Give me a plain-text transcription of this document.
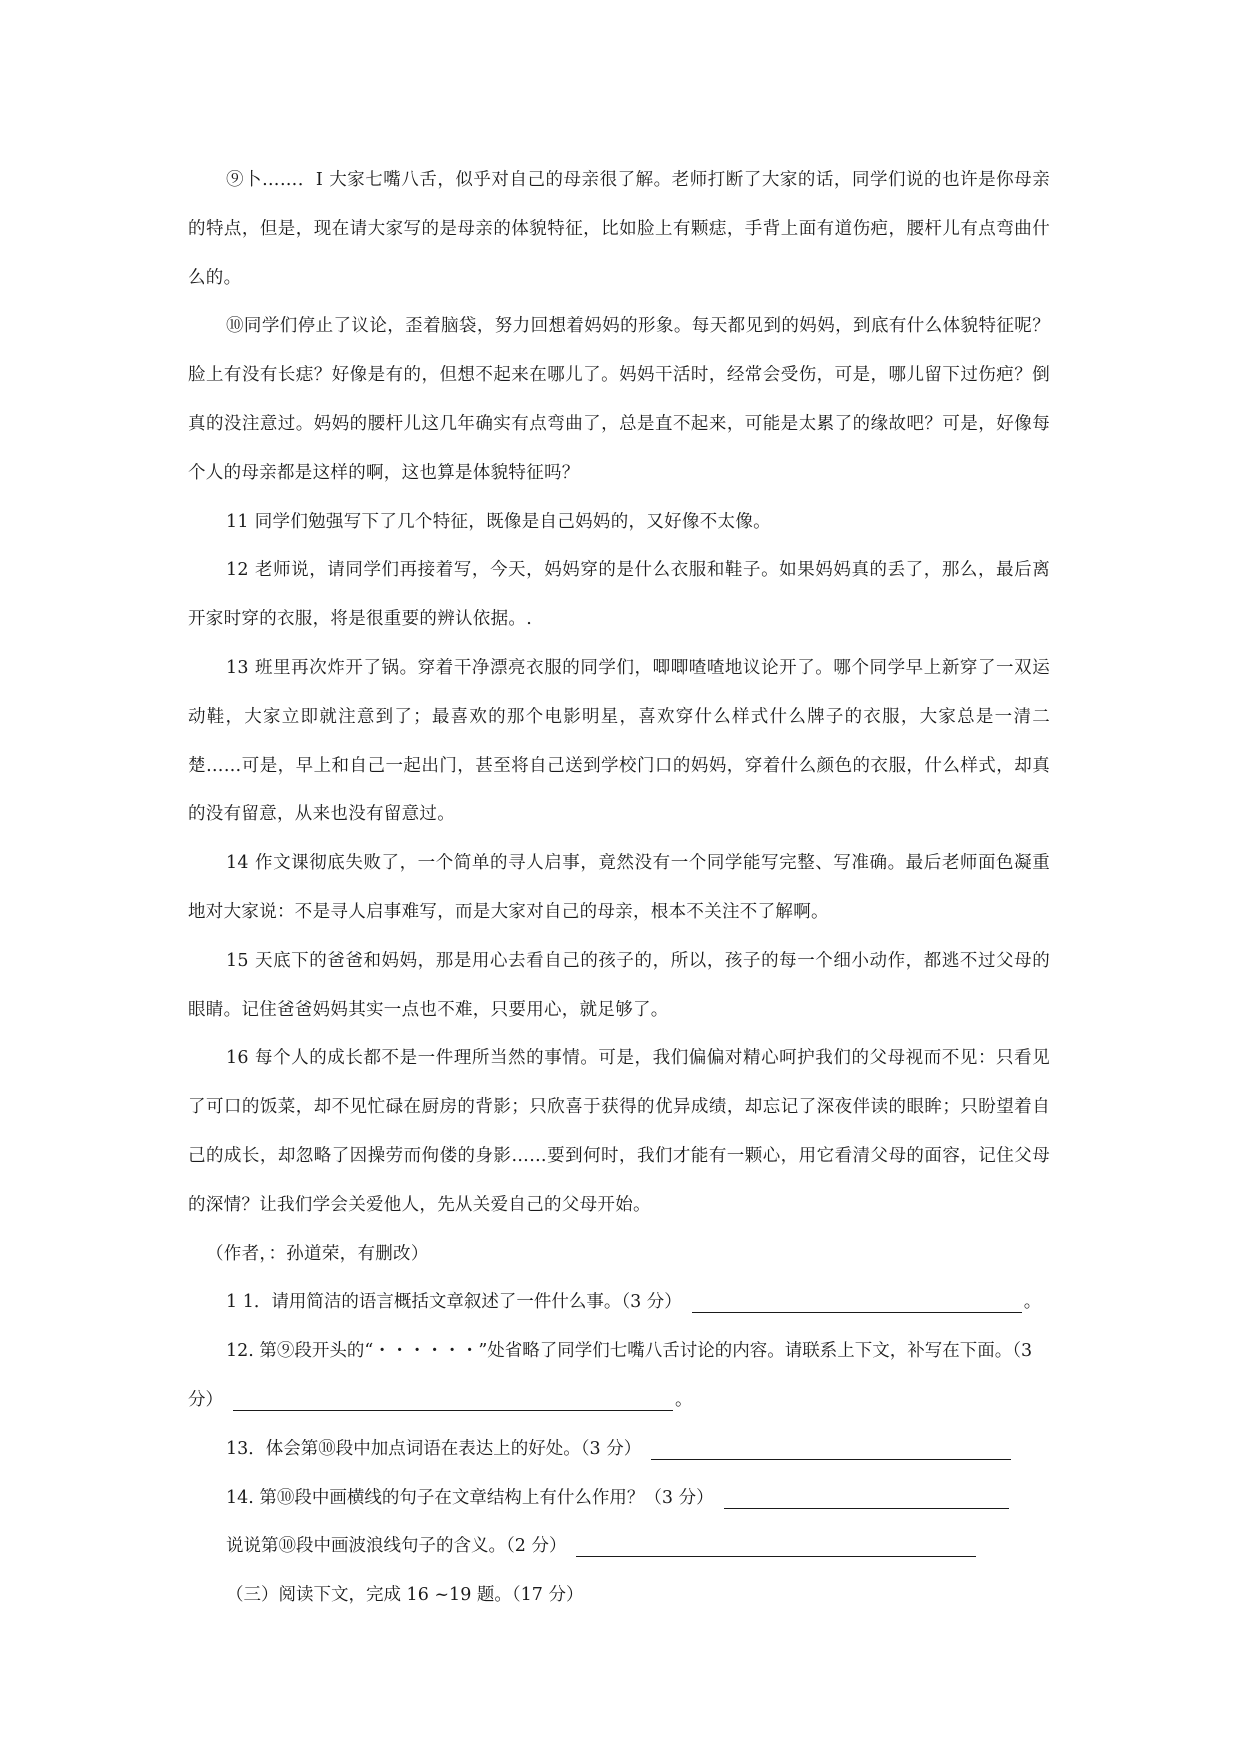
⑨卜……．I 大家七嘴八舌，似乎对自己的母亲很了解。老师打断了大家的话，同学们说的也许是你母亲的特点，但是，现在请大家写的是母亲的体貌特征，比如脸上有颗痣，手背上面有道伤疤，腰杆儿有点弯曲什么的。

⑩同学们停止了议论，歪着脑袋，努力回想着妈妈的形象。每天都见到的妈妈，到底有什么体貌特征呢？脸上有没有长痣？好像是有的，但想不起来在哪儿了。妈妈干活时，经常会受伤，可是，哪儿留下过伤疤？倒真的没注意过。妈妈的腰杆儿这几年确实有点弯曲了，总是直不起来，可能是太累了的缘故吧？可是，好像每个人的母亲都是这样的啊，这也算是体貌特征吗？

11 同学们勉强写下了几个特征，既像是自己妈妈的，又好像不太像。

12 老师说，请同学们再接着写，今天，妈妈穿的是什么衣服和鞋子。如果妈妈真的丢了，那么，最后离开家时穿的衣服，将是很重要的辨认依据。.

13 班里再次炸开了锅。穿着干净漂亮衣服的同学们，唧唧喳喳地议论开了。哪个同学早上新穿了一双运动鞋，大家立即就注意到了；最喜欢的那个电影明星，喜欢穿什么样式什么牌子的衣服，大家总是一清二楚……可是，早上和自己一起出门，甚至将自己送到学校门口的妈妈，穿着什么颜色的衣服，什么样式，却真的没有留意，从来也没有留意过。

14 作文课彻底失败了，一个简单的寻人启事，竟然没有一个同学能写完整、写准确。最后老师面色凝重地对大家说：不是寻人启事难写，而是大家对自己的母亲，根本不关注不了解啊。

15 天底下的爸爸和妈妈，那是用心去看自己的孩子的，所以，孩子的每一个细小动作，都逃不过父母的眼睛。记住爸爸妈妈其实一点也不难，只要用心，就足够了。

16 每个人的成长都不是一件理所当然的事情。可是，我们偏偏对精心呵护我们的父母视而不见：只看见了可口的饭菜，却不见忙碌在厨房的背影；只欣喜于获得的优异成绩，却忘记了深夜伴读的眼眸；只盼望着自己的成长，却忽略了因操劳而佝偻的身影……要到何时，我们才能有一颗心，用它看清父母的面容，记住父母的深情？让我们学会关爱他人，先从关爱自己的父母开始。

（作者，：孙道荣，有删改）

1 1．请用简洁的语言概括文章叙述了一件什么事。（3 分）	。

12. 第⑨段开头的“・・・・・・”处省略了同学们七嘴八舌讨论的内容。请联系上下文，补写在下面。（3 分）	。

13．体会第⑩段中加点词语在表达上的好处。（3 分）

14. 第⑩段中画横线的句子在文章结构上有什么作用？（3 分）

说说第⑩段中画波浪线句子的含义。（2 分）

（三）阅读下文，完成 16 ~19 题。（17 分）
